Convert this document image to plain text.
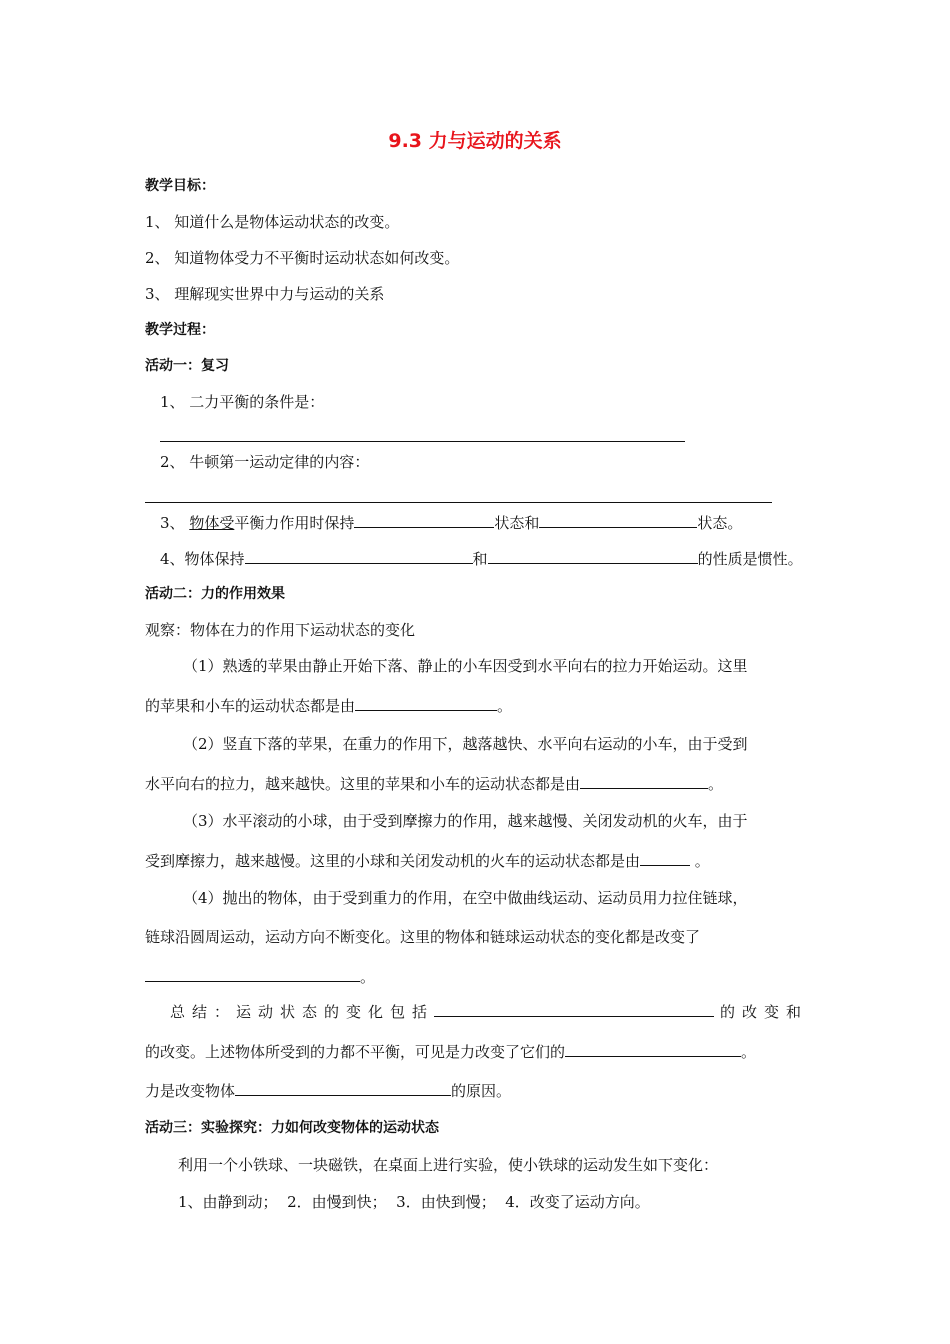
9.3 力与运动的关系
教学目标：
1、 知道什么是物体运动状态的改变。
2、 知道物体受力不平衡时运动状态如何改变。
3、 理解现实世界中力与运动的关系
教学过程：
活动一：复习
1、 二力平衡的条件是：
2、 牛顿第一运动定律的内容：
3、 物体受平衡力作用时保持	状态和	状态。
4、物体保持	和	的性质是惯性。
活动二：力的作用效果
观察：物体在力的作用下运动状态的变化
（1）熟透的苹果由静止开始下落、静止的小车因受到水平向右的拉力开始运动。这里
的苹果和小车的运动状态都是由	。
（2）竖直下落的苹果，在重力的作用下，越落越快、水平向右运动的小车，由于受到
水平向右的拉力，越来越快。这里的苹果和小车的运动状态都是由	。
（3）水平滚动的小球，由于受到摩擦力的作用，越来越慢、关闭发动机的火车，由于
受到摩擦力，越来越慢。这里的小球和关闭发动机的火车的运动状态都是由	。
（4）抛出的物体，由于受到重力的作用，在空中做曲线运动、运动员用力拉住链球，
链球沿圆周运动，运动方向不断变化。这里的物体和链球运动状态的变化都是改变了
。
总结：运动状态的变化包括	的改变和
的改变。上述物体所受到的力都不平衡，可见是力改变了它们的	。
力是改变物体	的原因。
活动三：实验探究：力如何改变物体的运动状态
利用一个小铁球、一块磁铁，在桌面上进行实验，使小铁球的运动发生如下变化：
1、由静到动；  2．由慢到快；  3．由快到慢；  4．改变了运动方向。
